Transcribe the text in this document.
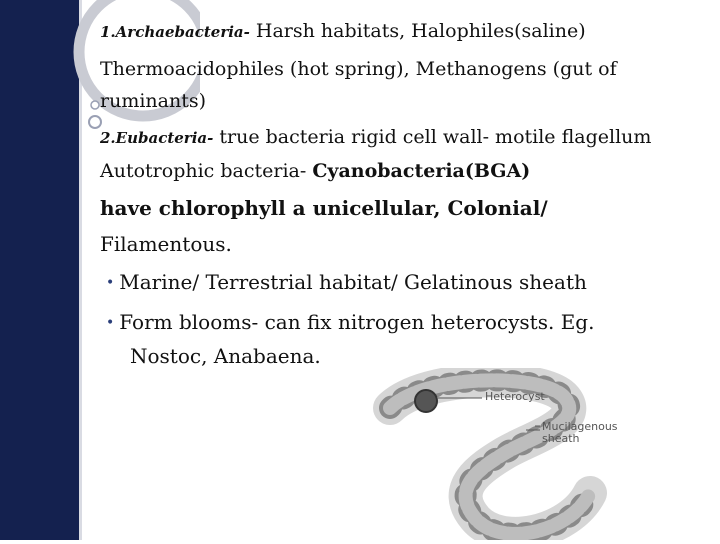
1.Archaebacteria- Harsh habitats, Halophiles(saline)
Thermoacidophiles (hot spring), Methanogens (gut of
ruminants)
2.Eubacteria- true bacteria rigid cell wall- motile flagellum
Autotrophic bacteria- Cyanobacteria(BGA)
have chlorophyll a unicellular, Colonial/
Filamentous.
• Marine/ Terrestrial habitat/ Gelatinous sheath
• Form blooms- can fix nitrogen heterocysts. Eg.
Nostoc, Anabaena.
Heterocyst
Mucilagenous
sheath
